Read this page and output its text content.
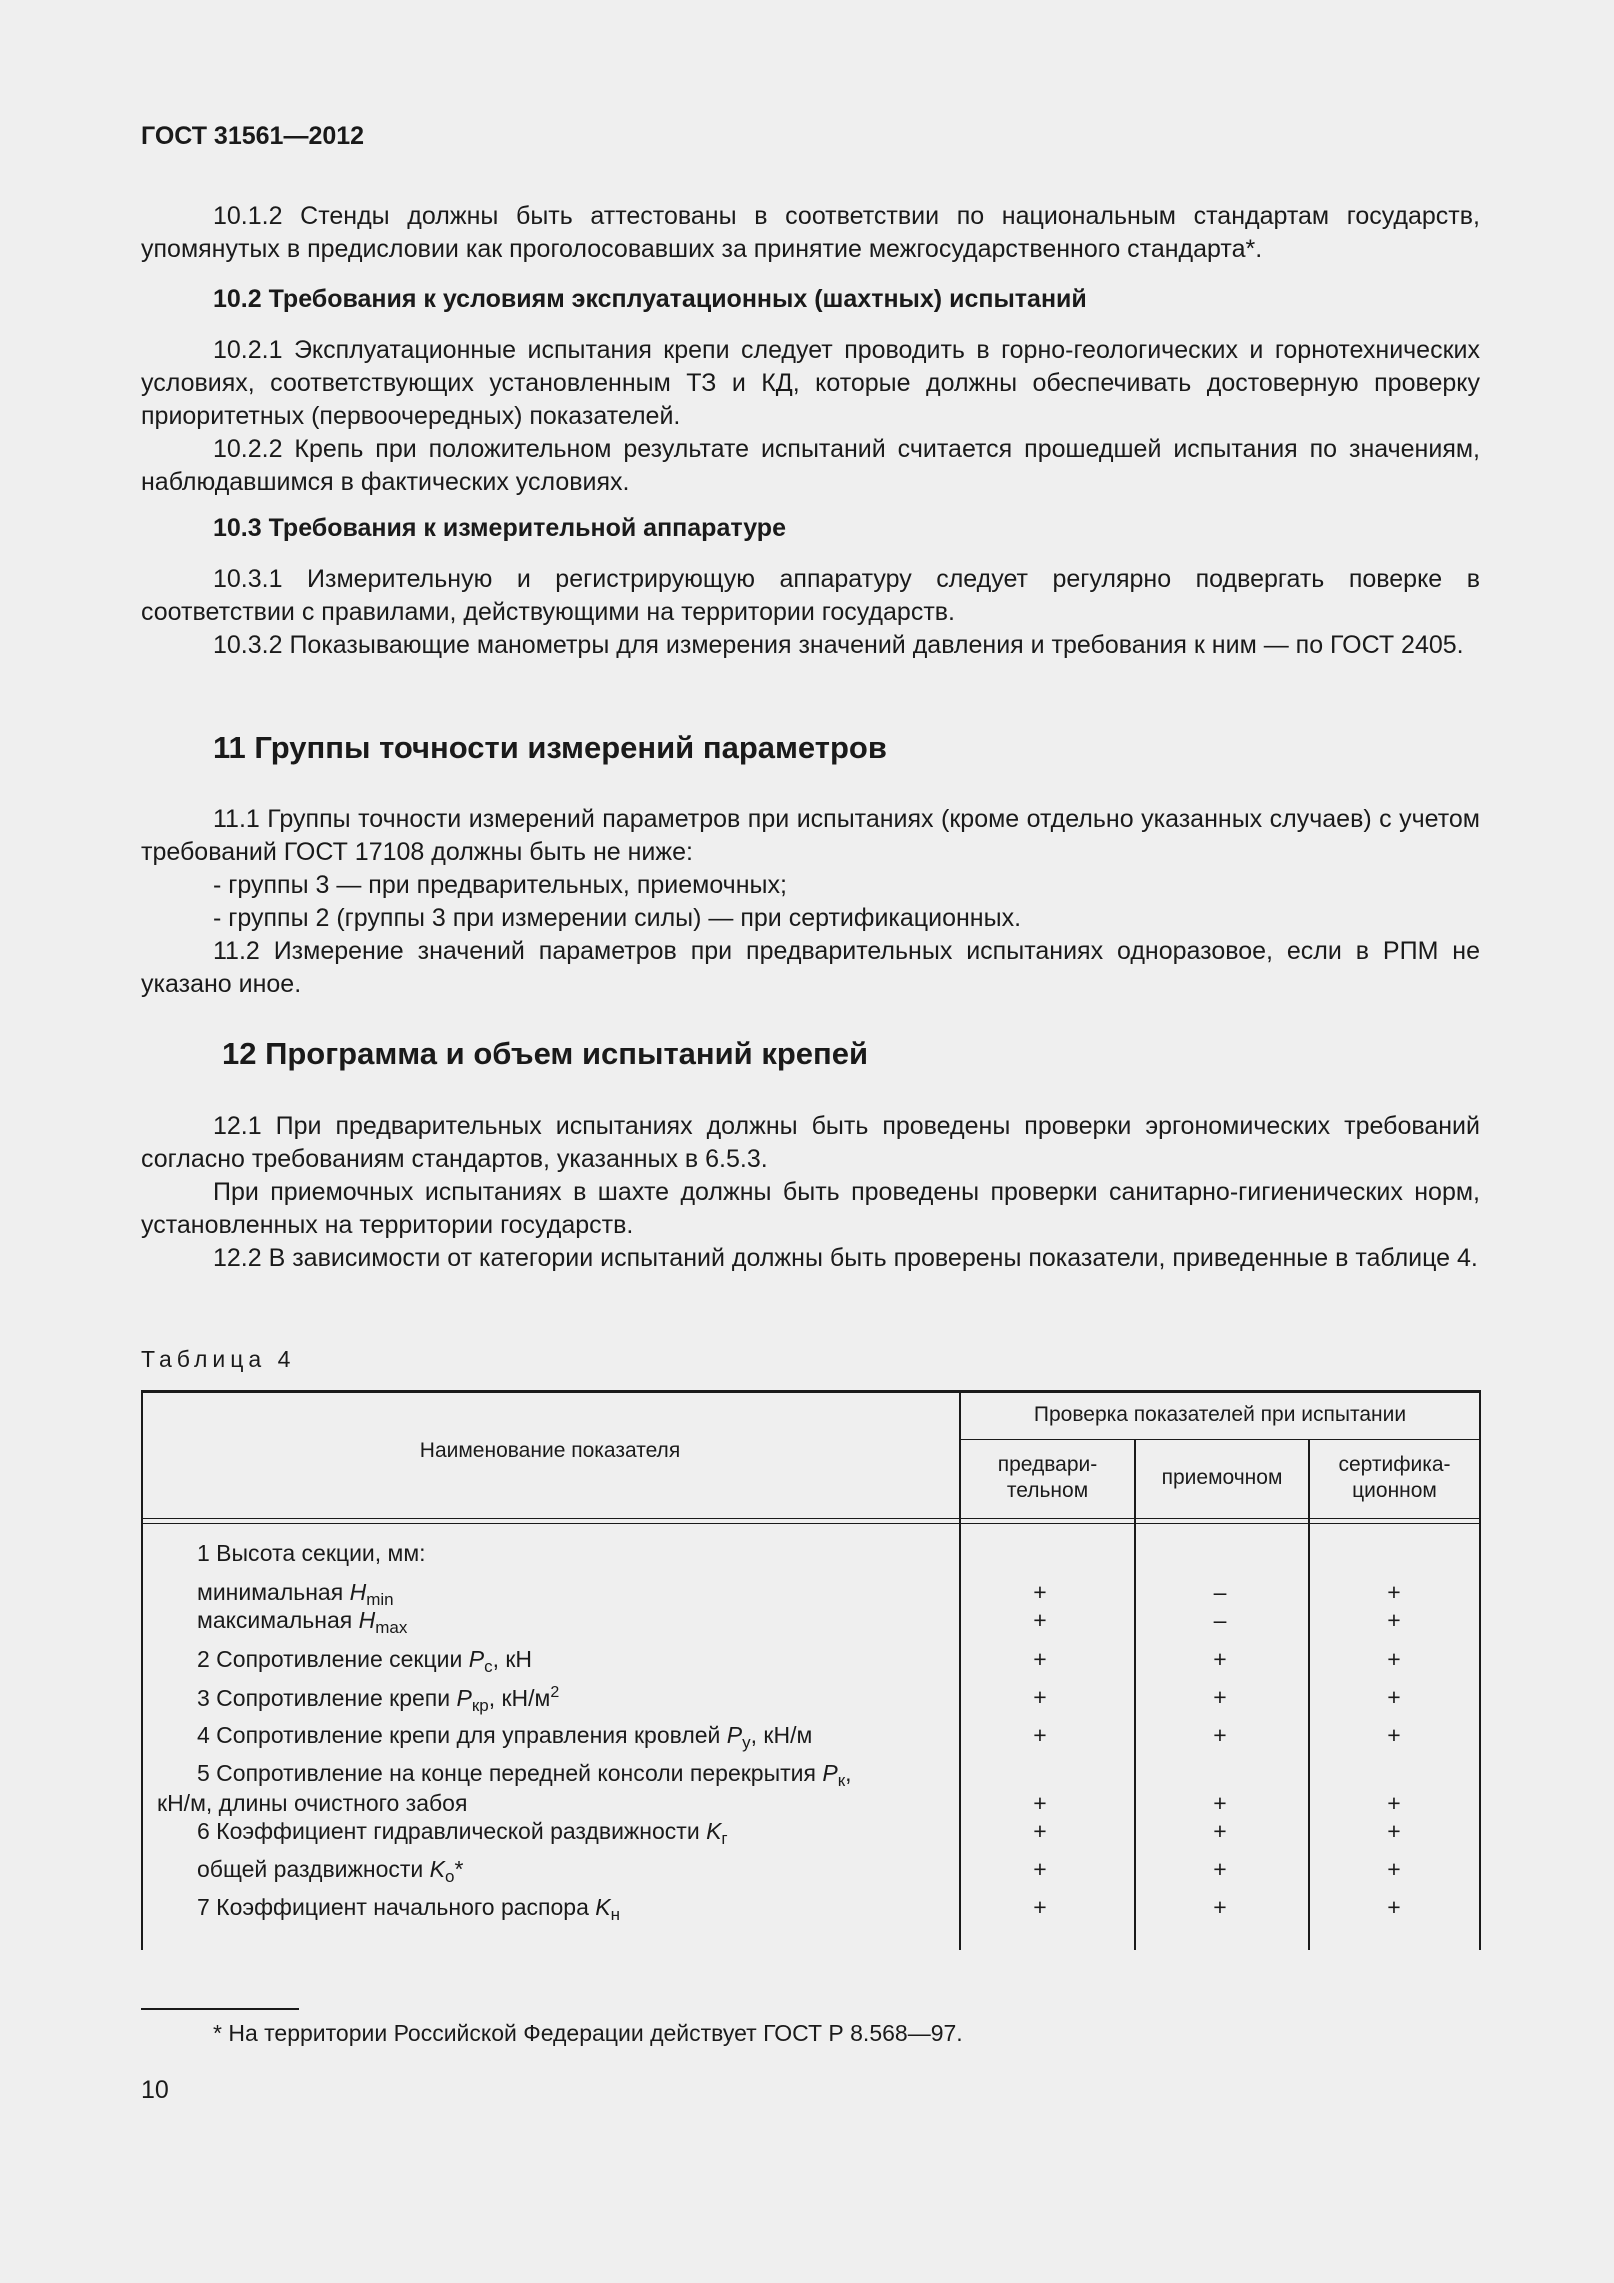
ГОСТ 31561—2012

10.1.2 Стенды должны быть аттестованы в соответствии по национальным стандартам государств, упомянутых в предисловии как проголосовавших за принятие межгосударственного стандарта*.

10.2 Требования к условиям эксплуатационных (шахтных) испытаний

10.2.1 Эксплуатационные испытания крепи следует проводить в горно-геологических и горнотехнических условиях, соответствующих установленным ТЗ и КД, которые должны обеспечивать достоверную проверку приоритетных (первоочередных) показателей.

10.2.2 Крепь при положительном результате испытаний считается прошедшей испытания по значениям, наблюдавшимся в фактических условиях.

10.3 Требования к измерительной аппаратуре

10.3.1 Измерительную и регистрирующую аппаратуру следует регулярно подвергать поверке в соответствии с правилами, действующими на территории государств.

10.3.2 Показывающие манометры для измерения значений давления и требования к ним — по ГОСТ 2405.

11 Группы точности измерений параметров

11.1 Группы точности измерений параметров при испытаниях (кроме отдельно указанных случаев) с учетом требований ГОСТ 17108 должны быть не ниже:

- группы 3 — при предварительных, приемочных;

- группы 2 (группы 3 при измерении силы) — при сертификационных.

11.2 Измерение значений параметров при предварительных испытаниях одноразовое, если в РПМ не указано иное.

12 Программа и объем испытаний крепей

12.1 При предварительных испытаниях должны быть проведены проверки эргономических требований согласно требованиям стандартов, указанных в 6.5.3.

При приемочных испытаниях в шахте должны быть проведены проверки санитарно-гигиенических норм, установленных на территории государств.

12.2 В зависимости от категории испытаний должны быть проверены показатели, приведенные в таблице 4.

Таблица 4
Наименование показателя
Проверка показателей при испытании
предвари-
тельном
приемочном
сертифика-
ционном
1 Высота секции, мм:
минимальная $H_{min}$	+	–	+
максимальная $H_{max}$	+	–	+
2 Сопротивление секции $P_с$, кН	+	+	+
3 Сопротивление крепи $P_{кр}$, $кН/м^2$	+	+	+
4 Сопротивление крепи для управления кровлей $P_у$, кН/м	+	+	+
5 Сопротивление на конце передней консоли перекрытия $P_к$,
кН/м, длины очистного забоя	+	+	+
6 Коэффициент гидравлической раздвижности $K_г$	+	+	+
общей раздвижности $K_о*$	+	+	+
7 Коэффициент начального распора $K_н$	+	+	+
* На территории Российской Федерации действует ГОСТ Р 8.568—97.
10
